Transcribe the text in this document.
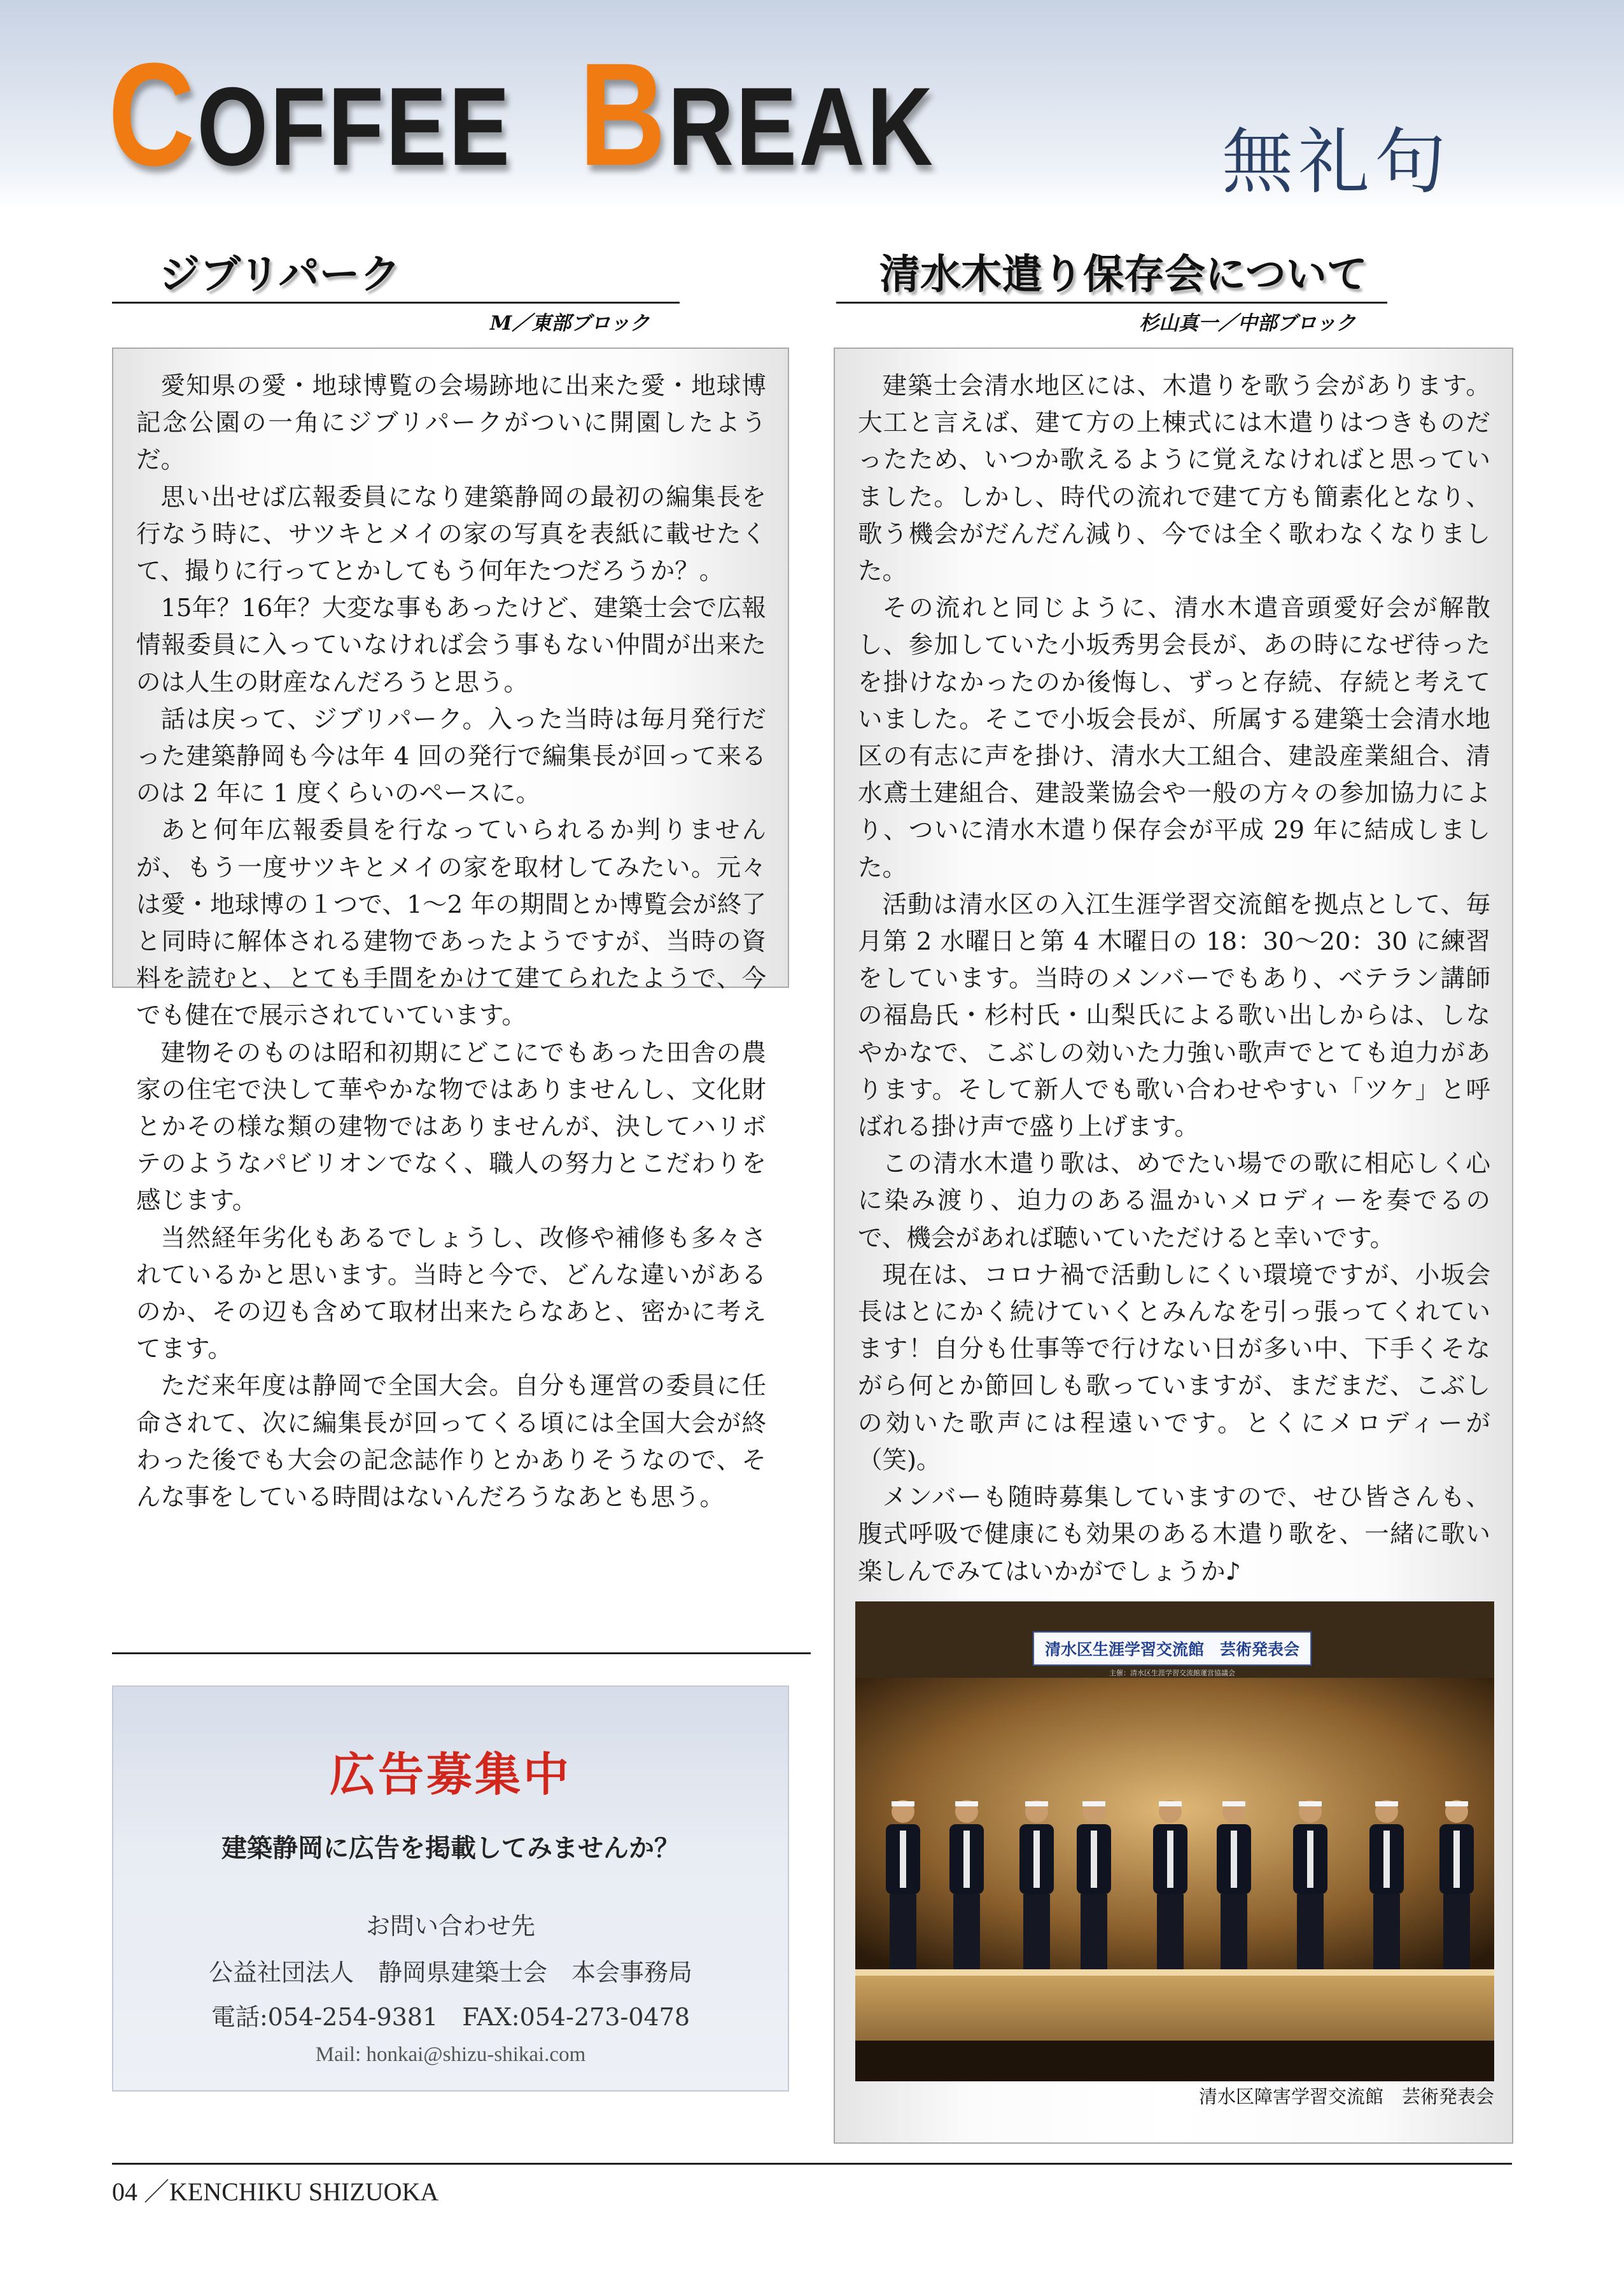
COFFEE BREAK	無礼句
ジブリパーク
M／東部ブロック

愛知県の愛・地球博覧の会場跡地に出来た愛・地球博記念公園の一角にジブリパークがついに開園したようだ。

思い出せば広報委員になり建築静岡の最初の編集長を行なう時に、サツキとメイの家の写真を表紙に載せたくて、撮りに行ってとかしてもう何年たつだろうか？。

15年？16年？大変な事もあったけど、建築士会で広報情報委員に入っていなければ会う事もない仲間が出来たのは人生の財産なんだろうと思う。

話は戻って、ジブリパーク。入った当時は毎月発行だった建築静岡も今は年 4 回の発行で編集長が回って来るのは 2 年に 1 度くらいのペースに。

あと何年広報委員を行なっていられるか判りませんが、もう一度サツキとメイの家を取材してみたい。元々は愛・地球博の１つで、1～2 年の期間とか博覧会が終了と同時に解体される建物であったようですが、当時の資料を読むと、とても手間をかけて建てられたようで、今でも健在で展示されていています。

建物そのものは昭和初期にどこにでもあった田舎の農家の住宅で決して華やかな物ではありませんし、文化財とかその様な類の建物ではありませんが、決してハリボテのようなパビリオンでなく、職人の努力とこだわりを感じます。

当然経年劣化もあるでしょうし、改修や補修も多々されているかと思います。当時と今で、どんな違いがあるのか、その辺も含めて取材出来たらなあと、密かに考えてます。

ただ来年度は静岡で全国大会。自分も運営の委員に任命されて、次に編集長が回ってくる頃には全国大会が終わった後でも大会の記念誌作りとかありそうなので、そんな事をしている時間はないんだろうなあとも思う。

広告募集中
建築静岡に広告を掲載してみませんか？
お問い合わせ先
公益社団法人　静岡県建築士会　本会事務局
電話:054-254-9381　FAX:054-273-0478
Mail: honkai@shizu-shikai.com
清水木遣り保存会について
杉山真一／中部ブロック

建築士会清水地区には、木遣りを歌う会があります。大工と言えば、建て方の上棟式には木遣りはつきものだったため、いつか歌えるように覚えなければと思っていました。しかし、時代の流れで建て方も簡素化となり、歌う機会がだんだん減り、今では全く歌わなくなりました。

その流れと同じように、清水木遣音頭愛好会が解散し、参加していた小坂秀男会長が、あの時になぜ待ったを掛けなかったのか後悔し、ずっと存続、存続と考えていました。そこで小坂会長が、所属する建築士会清水地区の有志に声を掛け、清水大工組合、建設産業組合、清水鳶土建組合、建設業協会や一般の方々の参加協力により、ついに清水木遣り保存会が平成 29 年に結成しました。

活動は清水区の入江生涯学習交流館を拠点として、毎月第 2 水曜日と第 4 木曜日の 18：30～20：30 に練習をしています。当時のメンバーでもあり、ベテラン講師の福島氏・杉村氏・山梨氏による歌い出しからは、しなやかなで、こぶしの効いた力強い歌声でとても迫力があります。そして新人でも歌い合わせやすい「ツケ」と呼ばれる掛け声で盛り上げます。

この清水木遣り歌は、めでたい場での歌に相応しく心に染み渡り、迫力のある温かいメロディーを奏でるので、機会があれば聴いていただけると幸いです。

現在は、コロナ禍で活動しにくい環境ですが、小坂会長はとにかく続けていくとみんなを引っ張ってくれています！自分も仕事等で行けない日が多い中、下手くそながら何とか節回しも歌っていますが、まだまだ、こぶしの効いた歌声には程遠いです。とくにメロディーが（笑)。

メンバーも随時募集していますので、せひ皆さんも、腹式呼吸で健康にも効果のある木遣り歌を、一緒に歌い楽しんでみてはいかがでしょうか♪

清水区生涯学習交流館　芸術発表会
主催：清水区生涯学習交流館運営協議会
清水区障害学習交流館　芸術発表会
04 ／KENCHIKU SHIZUOKA
